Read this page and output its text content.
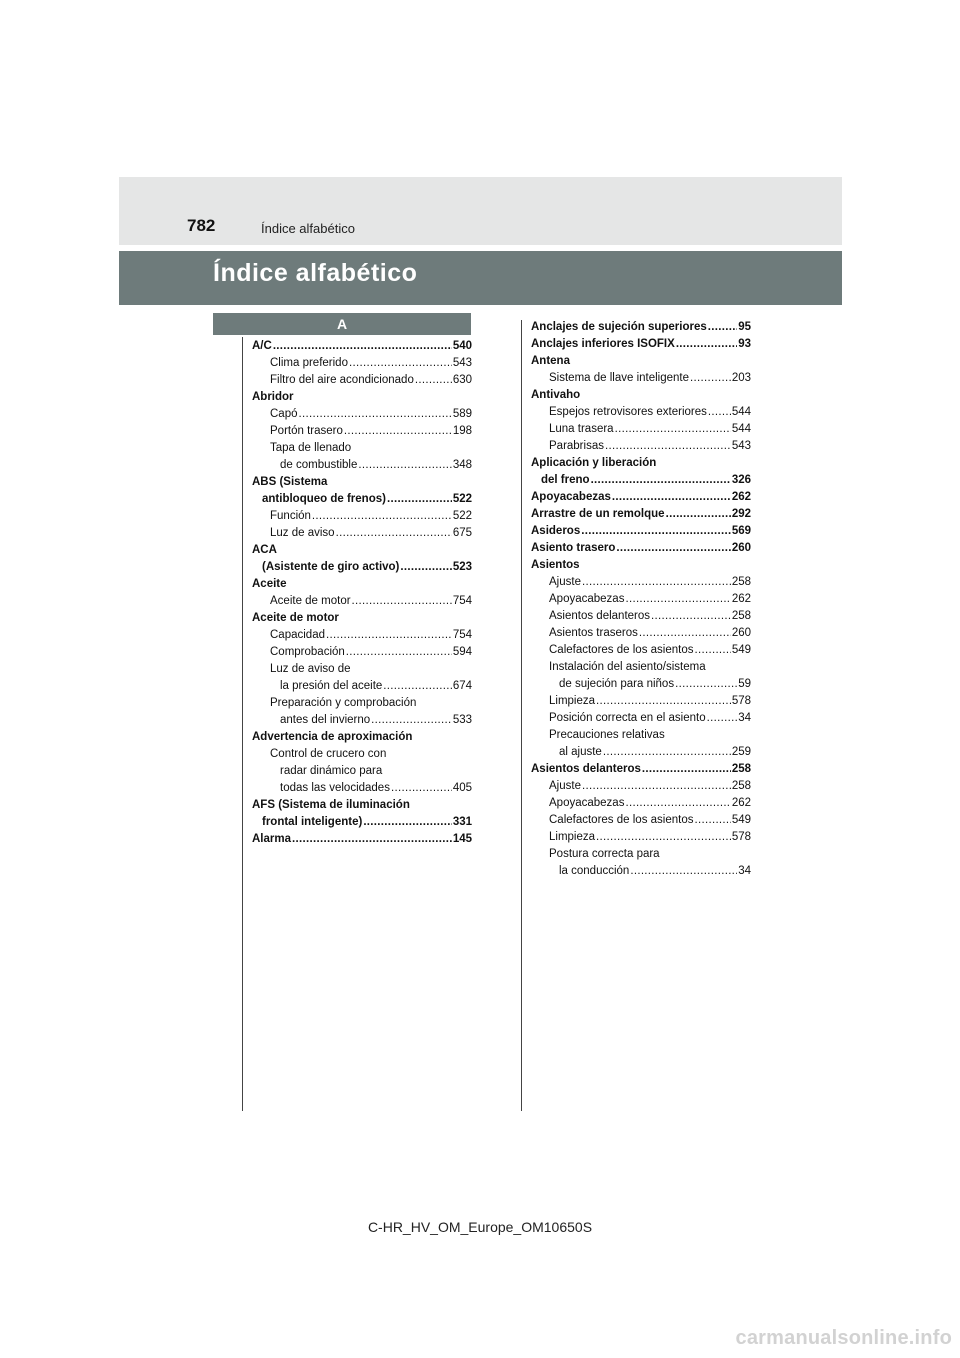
782	Índice alfabético
Índice alfabético
A
A/C .....	540
Clima preferido .....	543
Filtro del aire acondicionado .....	630
Abridor
Capó .....	589
Portón trasero .....	198
Tapa de llenado
de combustible .....	348
ABS (Sistema
antibloqueo de frenos) .....	522
Función .....	522
Luz de aviso .....	675
ACA
(Asistente de giro activo) .....	523
Aceite
Aceite de motor .....	754
Aceite de motor
Capacidad .....	754
Comprobación .....	594
Luz de aviso de
la presión del aceite .....	674
Preparación y comprobación
antes del invierno .....	533
Advertencia de aproximación
Control de crucero con
radar dinámico para
todas las velocidades .....	405
AFS (Sistema de iluminación
frontal inteligente) .....	331
Alarma .....	145
Anclajes de sujeción superiores .....	95
Anclajes inferiores ISOFIX .....	93
Antena
Sistema de llave inteligente .....	203
Antivaho
Espejos retrovisores exteriores ..... 544
Luna trasera .....	544
Parabrisas .....	543
Aplicación y liberación
del freno .....	326
Apoyacabezas .....	262
Arrastre de un remolque .....	292
Asideros .....	569
Asiento trasero .....	260
Asientos
Ajuste .....	258
Apoyacabezas .....	262
Asientos delanteros .....	258
Asientos traseros .....	260
Calefactores de los asientos .....	549
Instalación del asiento/sistema
de sujeción para niños .....	59
Limpieza .....	578
Posición correcta en el asiento .....	34
Precauciones relativas
al ajuste .....	259
Asientos delanteros .....	258
Ajuste .....	258
Apoyacabezas .....	262
Calefactores de los asientos .....	549
Limpieza .....	578
Postura correcta para
la conducción .....	34
C-HR_HV_OM_Europe_OM10650S
carmanualsonline.info
